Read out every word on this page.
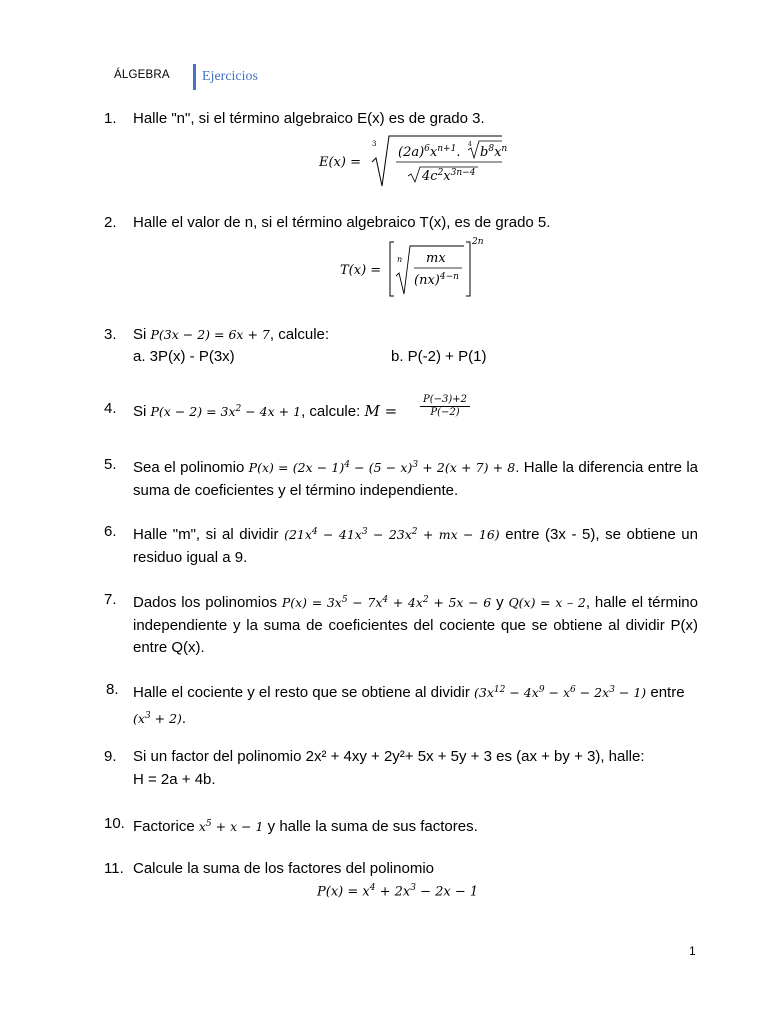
ÁLGEBRA Ejercicios
1. Halle "n", si el término algebraico E(x) es de grado 3.
E(x) =
3
$(2a)^6x^{n+1}$.
4
$b^8x^n$
$4c^2x^{3n-4}$
2. Halle el valor de n, si el término algebraico T(x), es de grado 5.
T(x) =
n mx
(nx)$^{4-n}$
2n
3. Si P(3x − 2) = 6x + 7, calcule:
a. 3P(x) - P(3x)	b. P(-2) + P(1)
4. Si $P(x - 2) = 3x^2 - 4x + 1$, calcule: M =
P(−3)+2
P(−2)
5. Sea el polinomio $P(x) = (2x - 1)^4 - (5 - x)^3 + 2(x + 7) + 8$. Halle la diferencia entre la suma de coeficientes y el término independiente.
6. Halle "m", si al dividir ($21x^4 - 41x^3 - 23x^2$ + mx − 16) entre (3x - 5), se obtiene un residuo igual a 9.
7. Dados los polinomios $P(x) = 3x^5 - 7x^4 + 4x^2 + 5x - 6$ y Q(x) = x – 2, halle el término independiente y la suma de coeficientes del cociente que se obtiene al dividir P(x) entre Q(x).
8. Halle el cociente y el resto que se obtiene al dividir $(3x^{12} - 4x^9 - x^6 - 2x^3 - 1)$ entre $(x^3 + 2)$.
9. Si un factor del polinomio 2x² + 4xy + 2y²+ 5x + 5y + 3 es (ax + by + 3), halle:
H = 2a + 4b.
10. Factorice $x^5 + x - 1$ y halle la suma de sus factores.
11. Calcule la suma de los factores del polinomio
$P(x) = x^4 + 2x^3 - 2x - 1$
1
